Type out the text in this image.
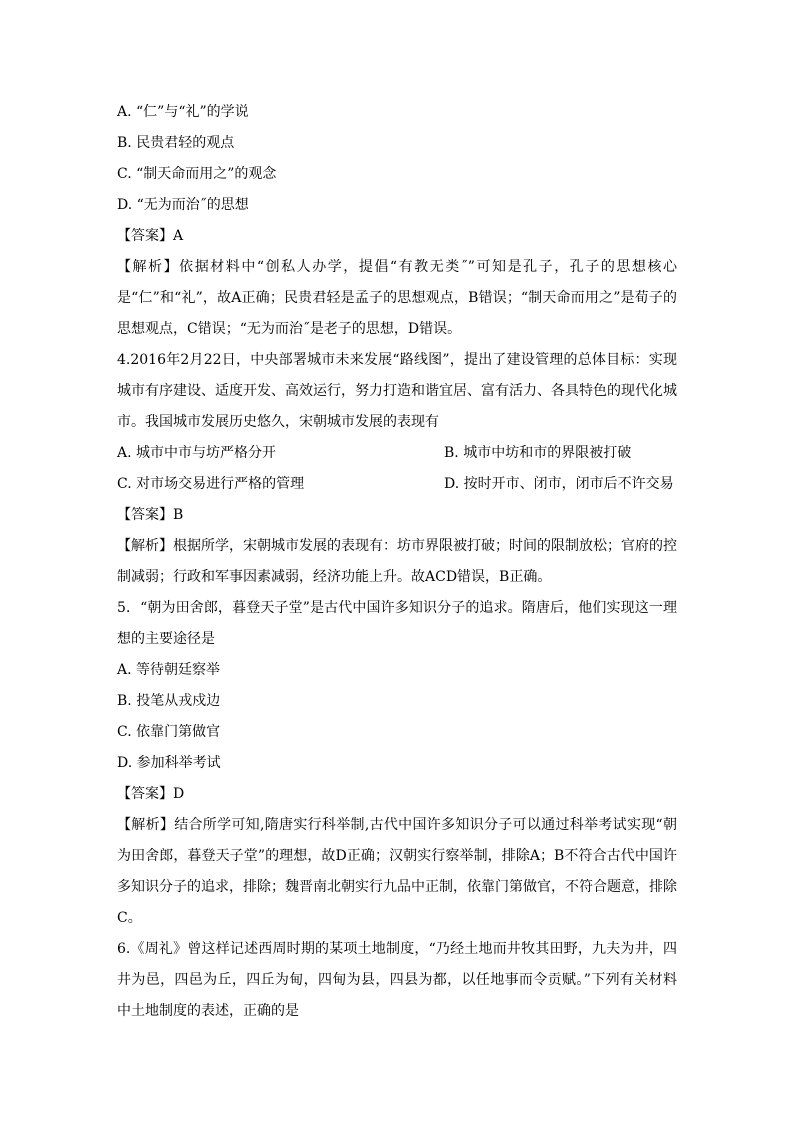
A. “仁”与“礼”的学说
B. 民贵君轻的观点
C. “制天命而用之”的观念
D. “无为而治˝的思想
【答案】A
【解析】依据材料中“创私人办学，提倡“有教无类˝”可知是孔子，孔子的思想核心是“仁”和“礼”，故A正确；民贵君轻是孟子的思想观点，B错误；“制天命而用之”是荀子的思想观点，C错误；“无为而治˝是老子的思想，D错误。
4.2016年2月22日，中央部署城市未来发展“路线图”，提出了建设管理的总体目标：实现城市有序建设、适度开发、高效运行，努力打造和谐宜居、富有活力、各具特色的现代化城市。我国城市发展历史悠久，宋朝城市发展的表现有
A. 城市中市与坊严格分开	B. 城市中坊和市的界限被打破
C. 对市场交易进行严格的管理	D. 按时开市、闭市，闭市后不许交易
【答案】B
【解析】根据所学，宋朝城市发展的表现有：坊市界限被打破；时间的限制放松；官府的控制减弱；行政和军事因素减弱，经济功能上升。故ACD错误，B正确。
5．“朝为田舍郎，暮登天子堂”是古代中国许多知识分子的追求。隋唐后，他们实现这一理想的主要途径是
A. 等待朝廷察举
B. 投笔从戎戍边
C. 依靠门第做官
D. 参加科举考试
【答案】D
【解析】结合所学可知,隋唐实行科举制,古代中国许多知识分子可以通过科举考试实现“朝为田舍郎，暮登天子堂”的理想，故D正确；汉朝实行察举制，排除A；B不符合古代中国许多知识分子的追求，排除；魏晋南北朝实行九品中正制，依靠门第做官，不符合题意，排除C。
6.《周礼》曾这样记述西周时期的某项土地制度，“乃经土地而井牧其田野，九夫为井，四井为邑，四邑为丘，四丘为甸，四甸为县，四县为都，以任地事而令贡赋。”下列有关材料中土地制度的表述，正确的是
